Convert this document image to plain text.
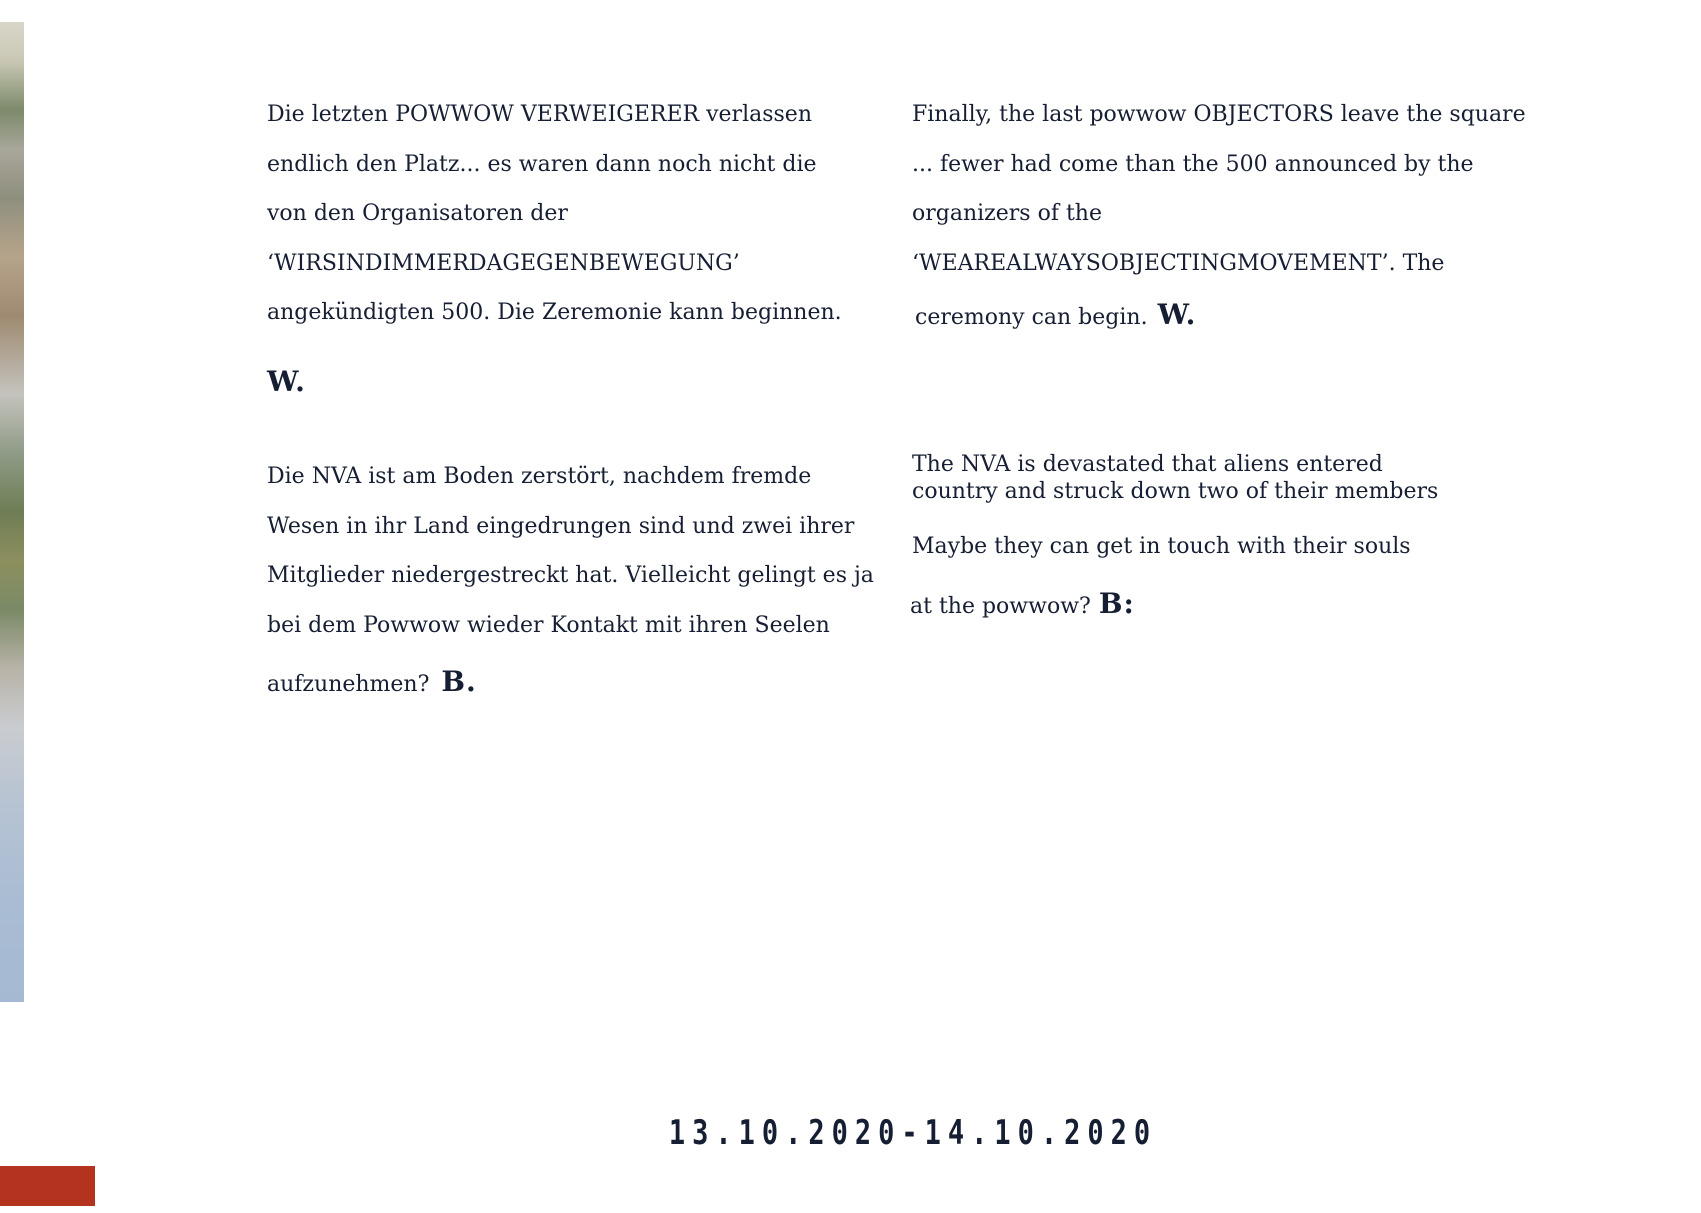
Die letzten POWWOW VERWEIGERER verlassen

endlich den Platz... es waren dann noch nicht die

von den Organisatoren der

‘WIRSINDIMMERDAGEGENBEWEGUNG’

angekündigten 500. Die Zeremonie kann beginnen.

W.

Finally, the last powwow OBJECTORS leave the square

... fewer had come than the 500 announced by the

organizers of the

‘WEAREALWAYSOBJECTINGMOVEMENT’. The

ceremony can begin. W.

Die NVA ist am Boden zerstört, nachdem fremde

Wesen in ihr Land eingedrungen sind und zwei ihrer

Mitglieder niedergestreckt hat. Vielleicht gelingt es ja

bei dem Powwow wieder Kontakt mit ihren Seelen

aufzunehmen? B.

The NVA is devastated that aliens entered

country and struck down two of their members

Maybe they can get in touch with their souls
at the powwow? B:
13.10.2020-14.10.2020
